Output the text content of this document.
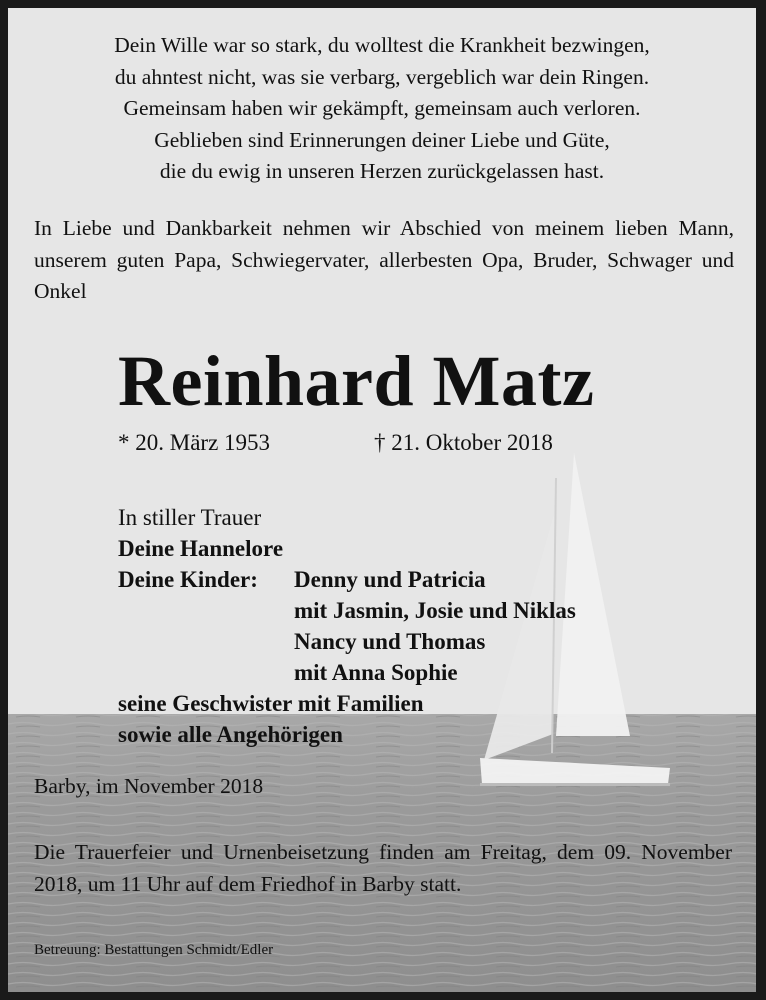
Dein Wille war so stark, du wolltest die Krankheit bezwingen,
du ahntest nicht, was sie verbarg, vergeblich war dein Ringen.
Gemeinsam haben wir gekämpft, gemeinsam auch verloren.
Geblieben sind Erinnerungen deiner Liebe und Güte,
die du ewig in unseren Herzen zurückgelassen hast.
In Liebe und Dankbarkeit nehmen wir Abschied von meinem lieben Mann, unserem guten Papa, Schwiegervater, allerbesten Opa, Bruder, Schwager und Onkel
Reinhard Matz
* 20. März 1953	† 21. Oktober 2018
In stiller Trauer
Deine Hannelore
Deine Kinder: Denny und Patricia
mit Jasmin, Josie und Niklas
Nancy und Thomas
mit Anna Sophie
seine Geschwister mit Familien
sowie alle Angehörigen
Barby, im November 2018
Die Trauerfeier und Urnenbeisetzung finden am Freitag, dem 09. November 2018, um 11 Uhr auf dem Friedhof in Barby statt.
Betreuung: Bestattungen Schmidt/Edler
